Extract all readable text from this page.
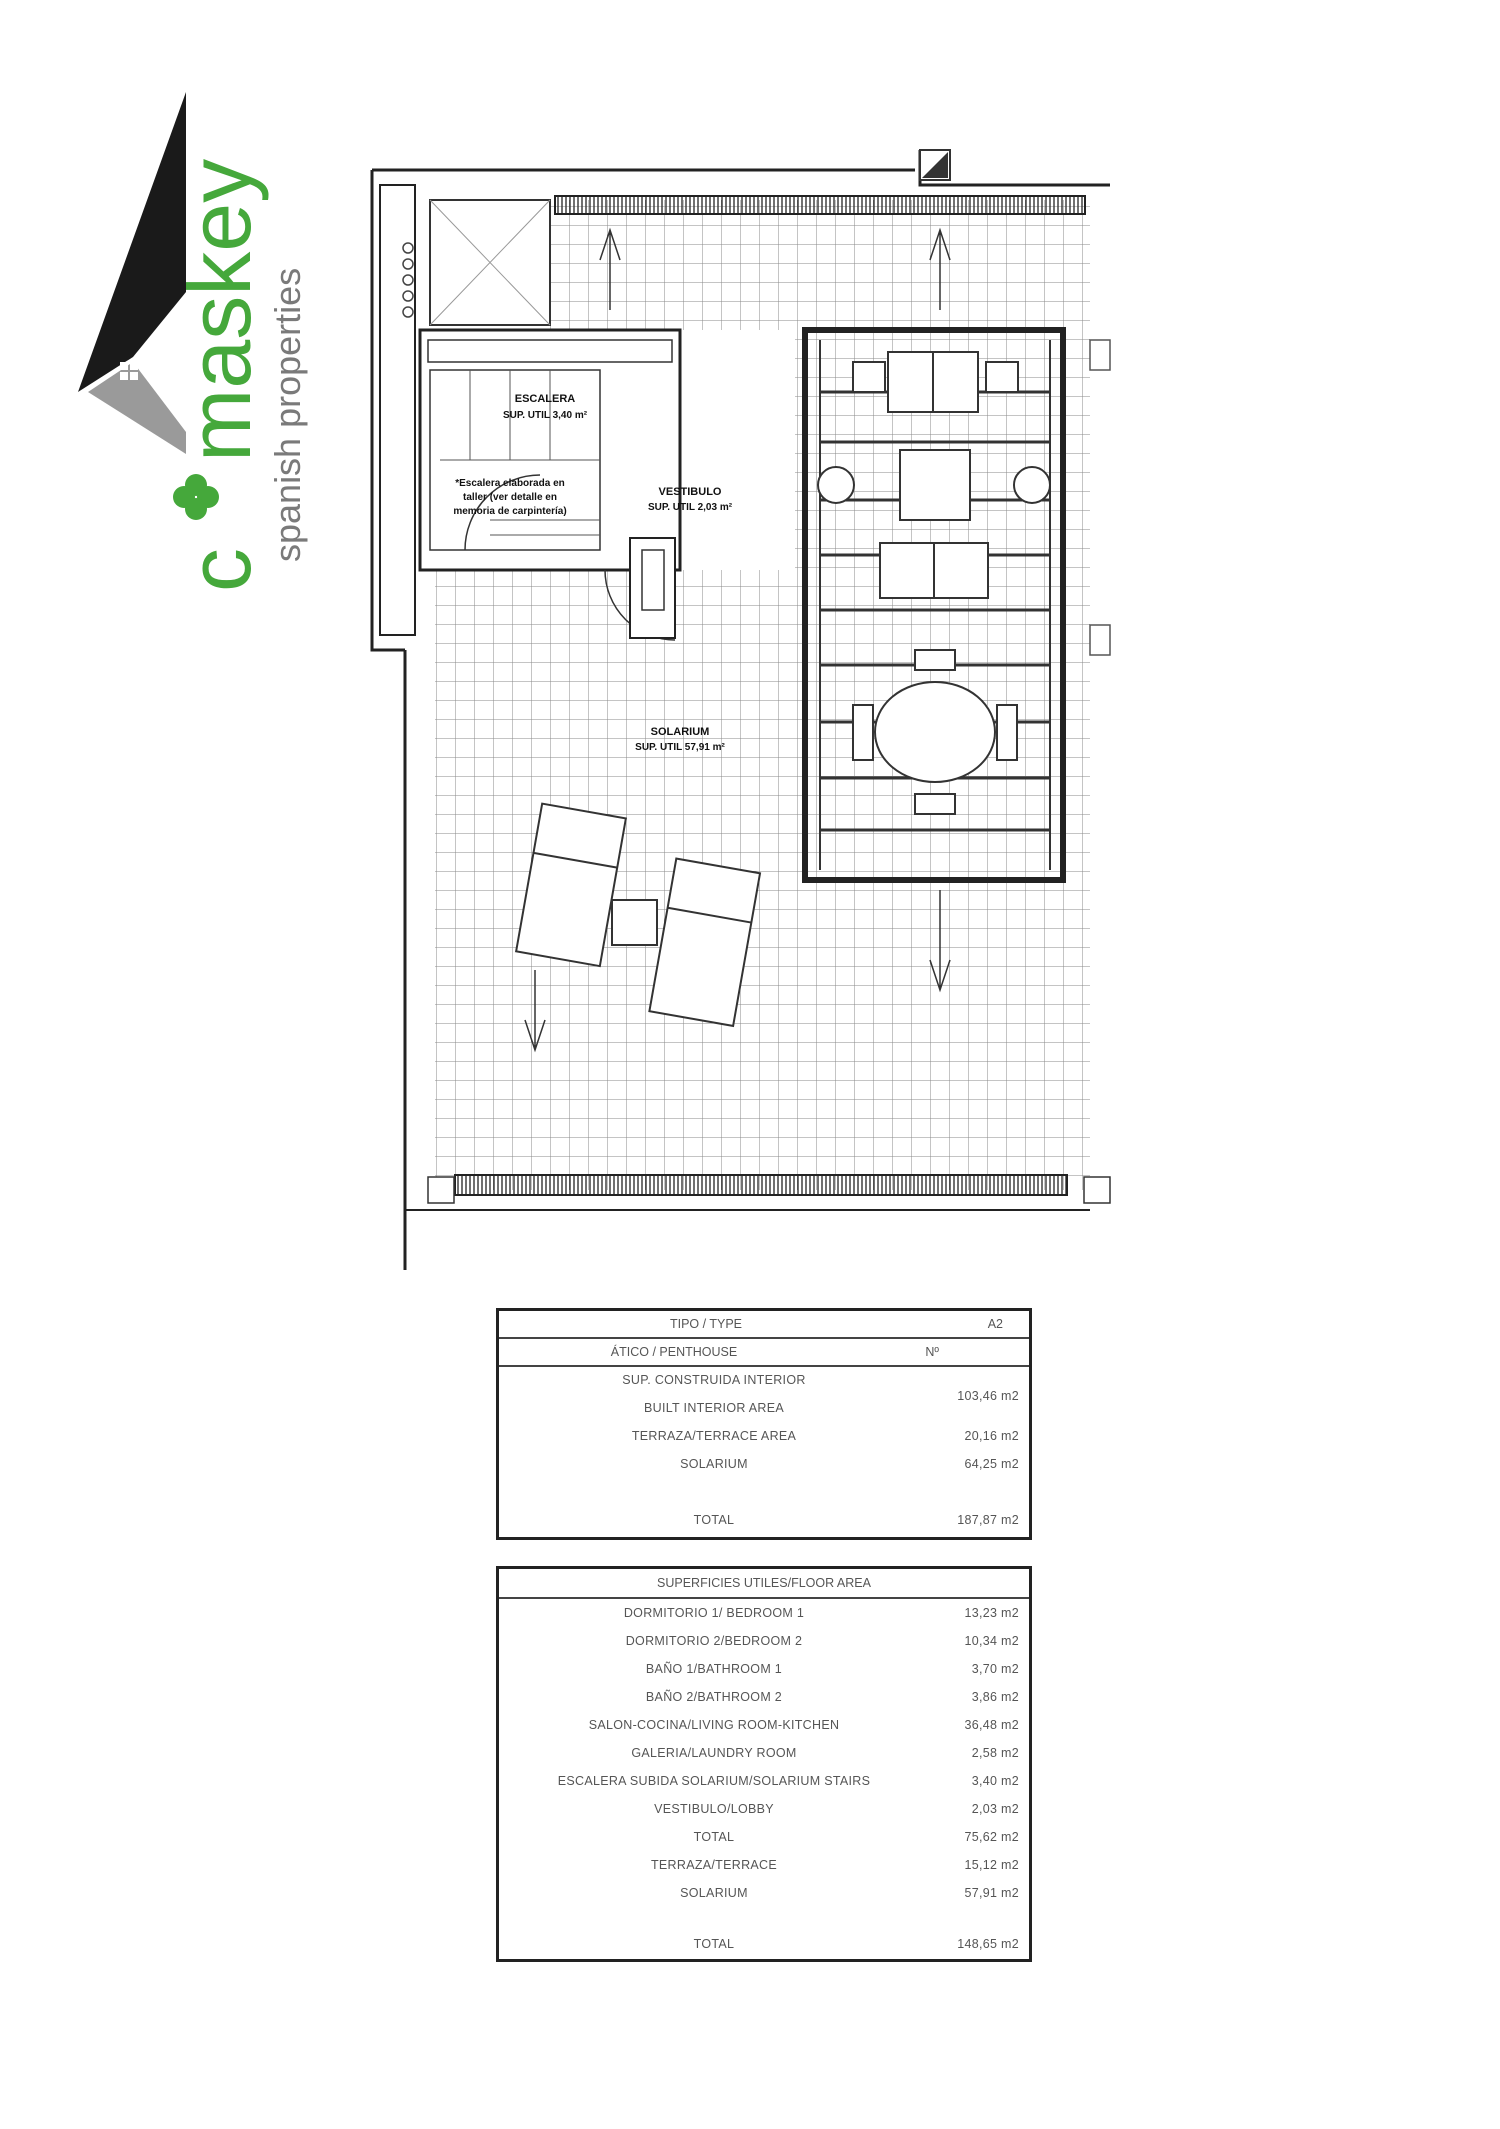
c
maskey
spanish properties	ESCALERA
SUP. UTIL 3,40 m²
*Escalera elaborada en
taller (ver detalle en
memoria de carpintería)
VESTIBULO
SUP. UTIL 2,03 m²
SOLARIUM
SUP. UTIL 57,91 m²
TIPO / TYPE	A2
ÁTICO / PENTHOUSE	Nº
SUP. CONSTRUIDA INTERIOR
BUILT INTERIOR AREA
103,46 m2
TERRAZA/TERRACE AREA	20,16 m2
SOLARIUM	64,25 m2
TOTAL	187,87 m2
SUPERFICIES UTILES/FLOOR AREA
DORMITORIO 1/ BEDROOM 1	13,23 m2
DORMITORIO 2/BEDROOM 2	10,34 m2
BAÑO 1/BATHROOM 1	3,70 m2
BAÑO 2/BATHROOM 2	3,86 m2
SALON-COCINA/LIVING ROOM-KITCHEN	36,48 m2
GALERIA/LAUNDRY ROOM	2,58 m2
ESCALERA SUBIDA SOLARIUM/SOLARIUM STAIRS	3,40 m2
VESTIBULO/LOBBY	2,03 m2
TOTAL	75,62 m2
TERRAZA/TERRACE	15,12 m2
SOLARIUM	57,91 m2
TOTAL	148,65 m2
